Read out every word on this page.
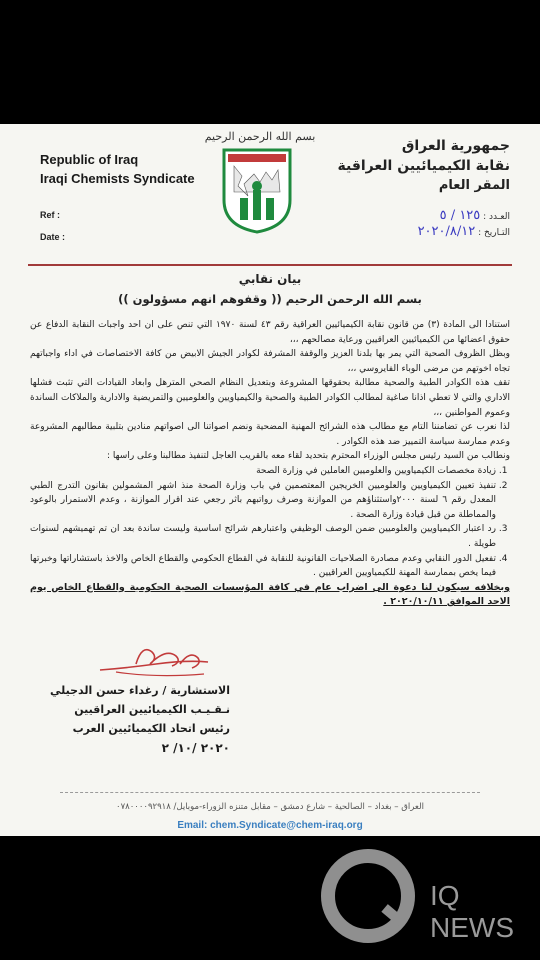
بسم الله الرحمن الرحيم
Republic of Iraq
Iraqi Chemists Syndicate
Ref :
Date :
جمهورية العراق
نقابة الكيميائيين العراقية
المقر العام
العـدد : ١٢٥ / ٥
التـاريخ : ٢٠٢٠/٨/١٢
بيان نقابي
بسم الله الرحمن الرحيم (( وقفوهم انهم مسؤولون ))

استنادا الى المادة (٣) من قانون نقابة الكيميائيين العراقية رقم ٤٣ لسنة ١٩٧٠ التي تنص على ان احد واجبات النقابة الدفاع عن حقوق اعضائها من الكيميائيين العراقيين ورعاية مصالحهم ،،،

وبظل الظروف الصحية التي يمر بها بلدنا العزيز والوقفة المشرفة لكوادر الجيش الابيض من كافة الاختصاصات في اداء واجباتهم تجاه اخوتهم من مرضى الوباء الفايروسي ،،،

تقف هذه الكوادر الطبية والصحية مطالبة بحقوقها المشروعة وبتعديل النظام الصحي المترهل وابعاد القيادات التي تثبت فشلها الاداري والتي لا تعطي اذانا صاغية لمطالب الكوادر الطبية والصحية والكيمياويين والعلوميين والتمريضية والادارية والملاكات الساندة وعموم المواطنين ،،،

لذا نعرب عن تضامننا التام مع مطالب هذه الشرائح المهنية المضحية ونضم اصواتنا الى اصواتهم منادين بتلبية مطالبهم المشروعة وعدم ممارسة سياسة التمييز ضد هذه الكوادر .

ونطالب من السيد رئيس مجلس الوزراء المحترم بتحديد لقاء معه بالقريب العاجل لتنفيذ مطالبنا وعلى راسها :

1. زيادة مخصصات الكيمياويين والعلوميين العاملين في وزارة الصحة
2. تنفيذ تعيين الكيمياويين والعلوميين الخريجين المعتصمين في باب وزارة الصحة منذ اشهر المشمولين بقانون التدرج الطبي المعدل رقم ٦ لسنة ٢٠٠٠واستثناؤهم من الموازنة وصرف رواتبهم باثر رجعي عند اقرار الموازنة ، وعدم الاستمرار بالوعود والمماطلة من قبل قيادة وزارة الصحة .
3. رد اعتبار الكيمياويين والعلوميين ضمن الوصف الوظيفي واعتبارهم شرائح اساسية وليست ساندة بعد ان تم تهميشهم لسنوات طويلة .
4. تفعيل الدور النقابي وعدم مصادرة الصلاحيات القانونية للنقابة في القطاع الحكومي والقطاع الخاص والاخذ باستشاراتها وخبرتها فيما يخص بممارسة المهنة للكيمياويين العراقيين .

وبخلافه سيكون لنا دعوة الى اضراب عام في كافة المؤسسات الصحية الحكومية والقطاع الخاص يوم الاحد الموافق ٢٠٢٠/١٠/١١ .

الاستشارية / رغداء حسن الدجيلي
نـقـيـب الكيميائيين العراقيين
رئيس اتحاد الكيميائيين العرب
٢٠٢٠ /١٠/ ٢
العراق – بغداد – الصالحية – شارع دمشق – مقابل متنزه الزوراء-موبايل/ ٠٧٨٠٠٠٠٩٢٩١٨
Email: chem.Syndicate@chem-iraq.org
IQ NEWS
